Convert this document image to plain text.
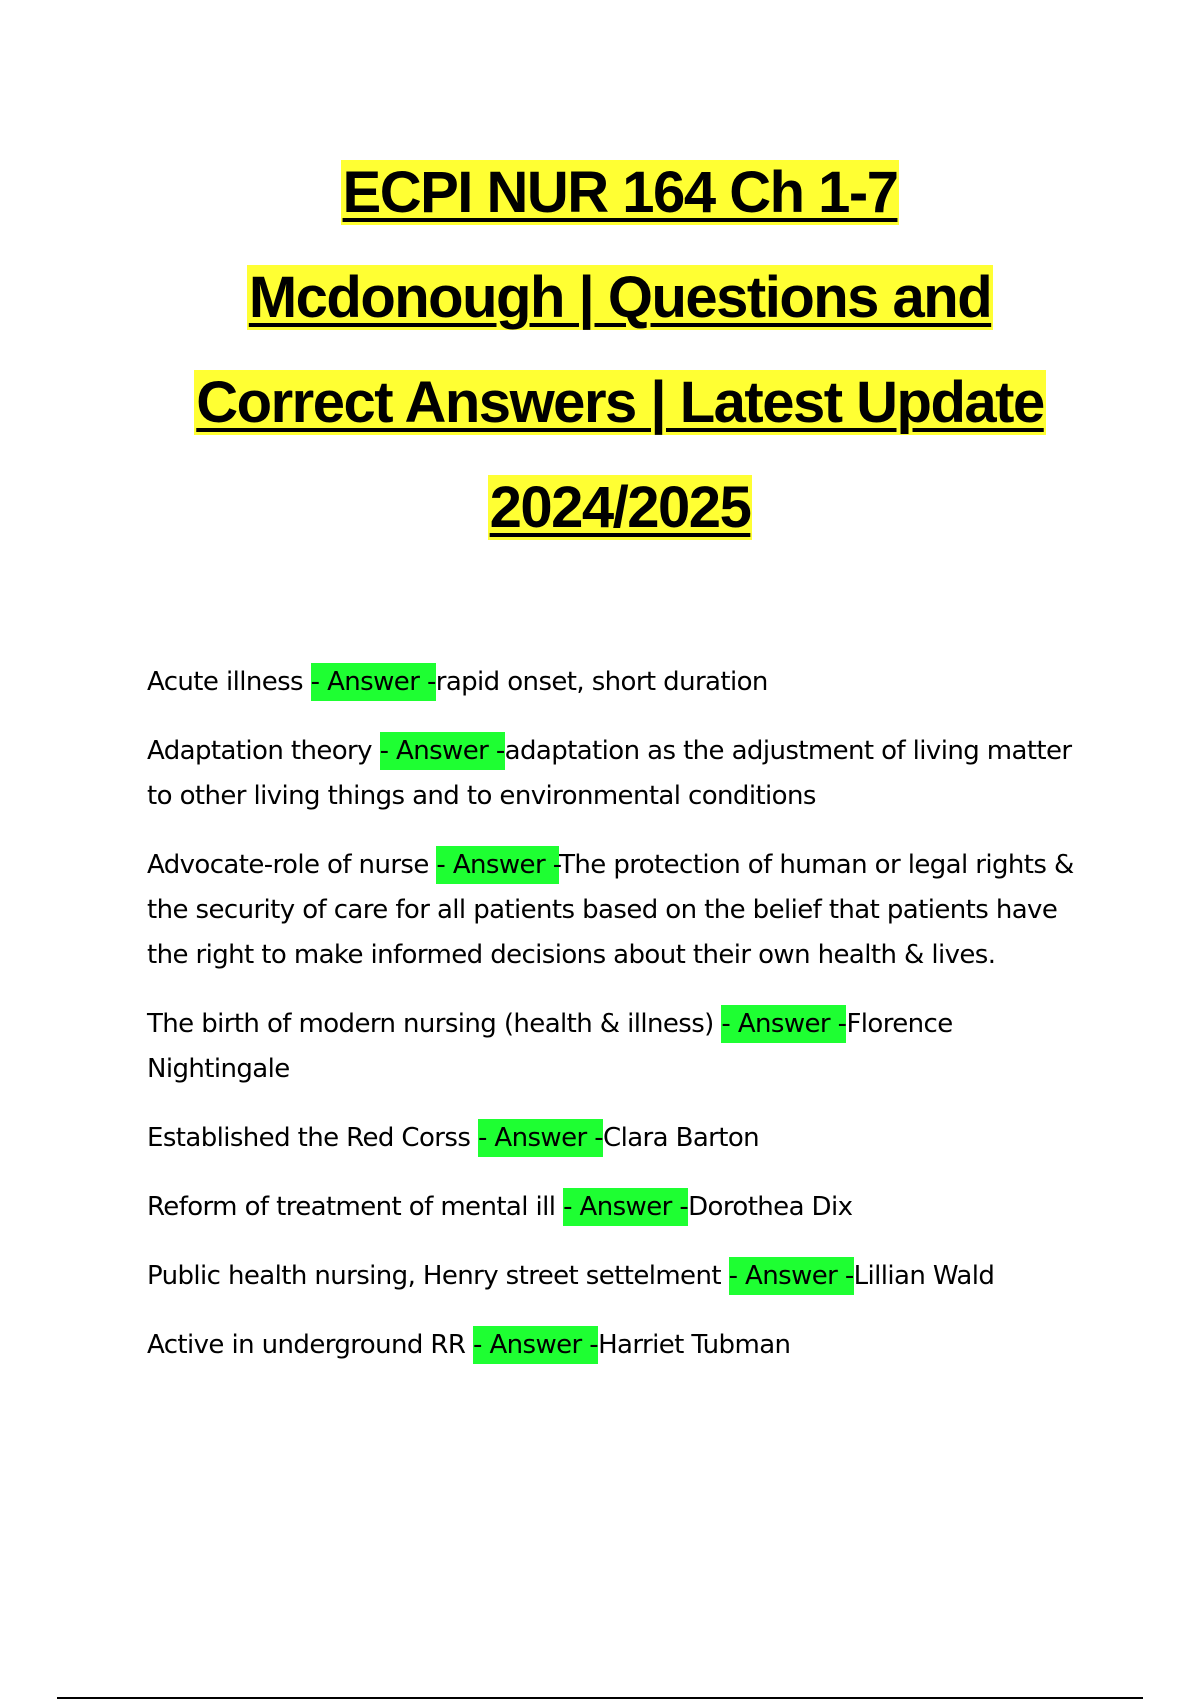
ECPI NUR 164 Ch 1-7
Mcdonough | Questions and
Correct Answers | Latest Update
2024/2025

Acute illness - Answer -rapid onset, short duration

Adaptation theory - Answer -adaptation as the adjustment of living matter to other living things and to environmental conditions

Advocate-role of nurse - Answer -The protection of human or legal rights & the security of care for all patients based on the belief that patients have the right to make informed decisions about their own health & lives.

The birth of modern nursing (health & illness) - Answer -Florence Nightingale

Established the Red Corss - Answer -Clara Barton

Reform of treatment of mental ill - Answer -Dorothea Dix

Public health nursing, Henry street settelment - Answer -Lillian Wald

Active in underground RR - Answer -Harriet Tubman
